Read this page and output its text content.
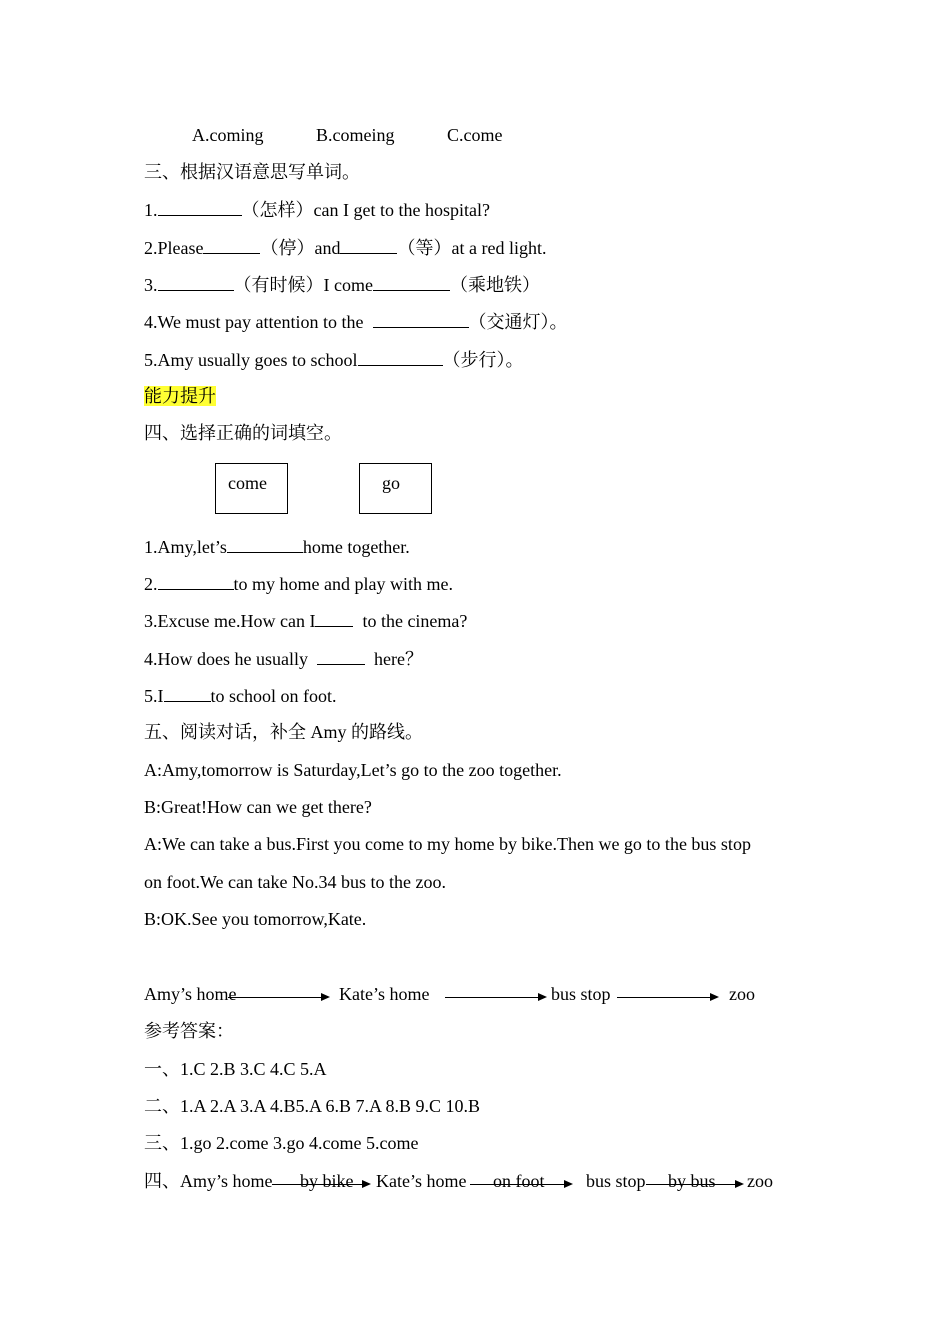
A.coming	B.comeing	C.come
三、根据汉语意思写单词。
1.	（怎样）can I get to the hospital?
2.Please	（停）and	（等）at a red light.
3.	（有时候）I come	（乘地铁）
4.We must pay attention to the	（交通灯）。
5.Amy usually goes to school	（步行）。
能力提升
四、选择正确的词填空。
come	go
1.Amy,let’s	home together.
2.	to my home and play with me.
3.Excuse me.How can I	to the cinema?
4.How does he usually	here？
5.I	to school on foot.
五、阅读对话，补全 Amy 的路线。
A:Amy,tomorrow is Saturday,Let’s go to the zoo together.
B:Great!How can we get there?
A:We can take a bus.First you come to my home by bike.Then we go to the bus stop
on foot.We can take No.34 bus to the zoo.
B:OK.See you tomorrow,Kate.
Amy’s home	Kate’s home	bus stop	zoo
参考答案：
一、1.C 2.B 3.C 4.C 5.A
二、1.A 2.A 3.A 4.B5.A 6.B 7.A 8.B 9.C 10.B
三、1.go 2.come 3.go 4.come 5.come
四、Amy’s home by bike Kate’s home on foot bus stop by bus zoo
